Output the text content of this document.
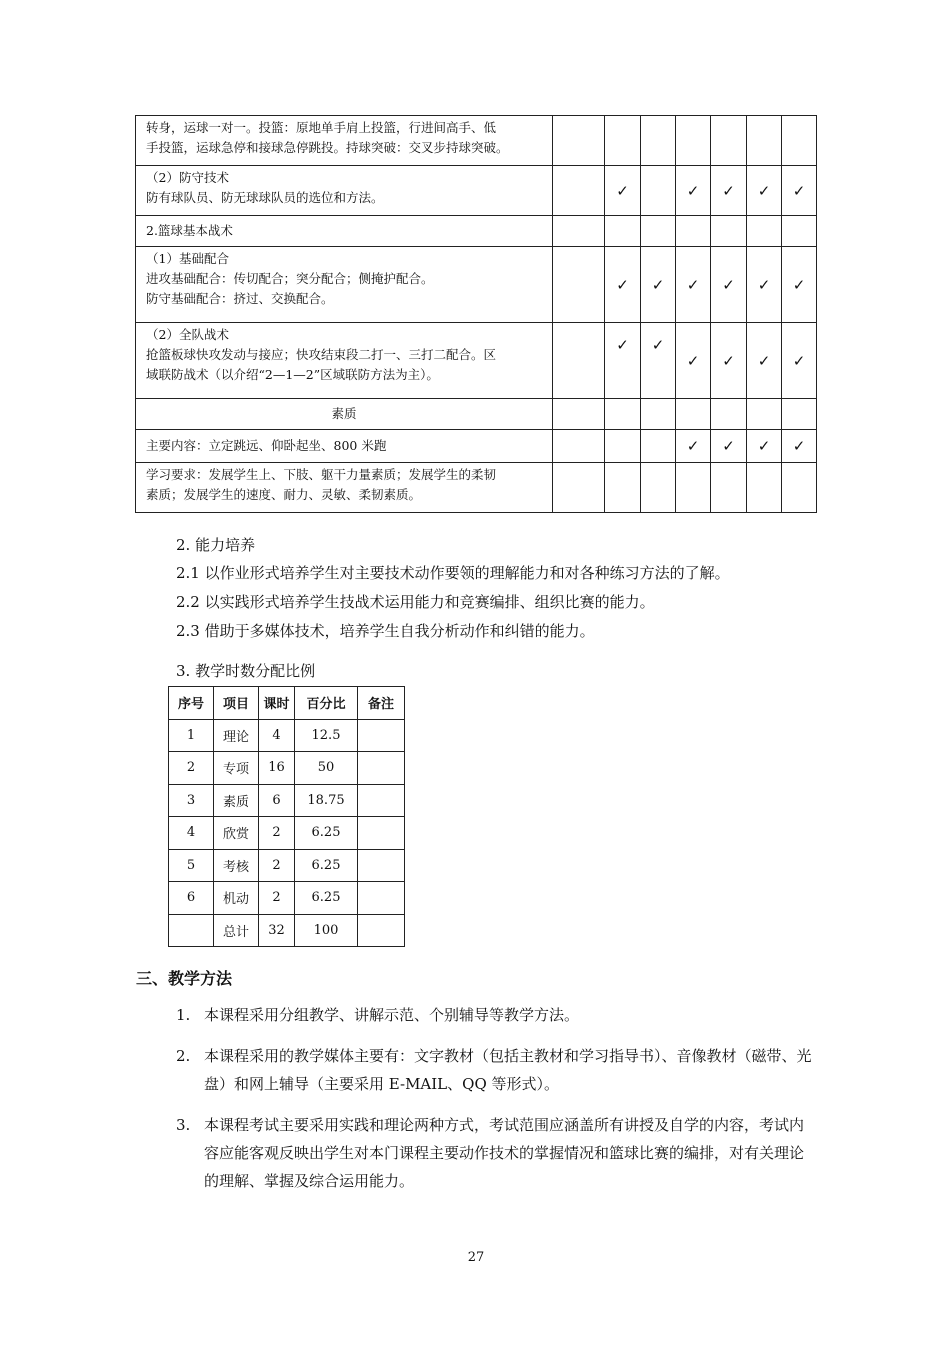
转身，运球一对一。投篮：原地单手肩上投篮，行进间高手、低
手投篮，运球急停和接球急停跳投。持球突破：交叉步持球突破。							

（2）防守技术
防有球队员、防无球球队员的选位和方法。		✓		✓	✓	✓	✓

2.篮球基本战术							

（1）基础配合
进攻基础配合：传切配合；突分配合；侧掩护配合。
防守基础配合：挤过、交换配合。		✓	✓	✓	✓	✓	✓

（2）全队战术
抢篮板球快攻发动与接应；快攻结束段二打一、三打二配合。区
域联防战术（以介绍“2—1—2”区域联防方法为主）。		✓	✓	✓	✓	✓	✓
素质							

主要内容：立定跳远、仰卧起坐、800 米跑				✓	✓	✓	✓

学习要求：发展学生上、下肢、躯干力量素质；发展学生的柔韧
素质；发展学生的速度、耐力、灵敏、柔韧素质。							

2. 能力培养
2.1 以作业形式培养学生对主要技术动作要领的理解能力和对各种练习方法的了解。
2.2 以实践形式培养学生技战术运用能力和竞赛编排、组织比赛的能力。
2.3 借助于多媒体技术，培养学生自我分析动作和纠错的能力。
3. 教学时数分配比例
序号	项目	课时	百分比	备注
1	理论	4	12.5	
2	专项	16	50	
3	素质	6	18.75	
4	欣赏	2	6.25	
5	考核	2	6.25	
6	机动	2	6.25	
	总计	32	100	
三、教学方法
1. 本课程采用分组教学、讲解示范、个别辅导等教学方法。
2. 本课程采用的教学媒体主要有：文字教材（包括主教材和学习指导书）、音像教材（磁带、光盘）和网上辅导（主要采用 E-MAIL、QQ 等形式）。
3. 本课程考试主要采用实践和理论两种方式，考试范围应涵盖所有讲授及自学的内容，考试内容应能客观反映出学生对本门课程主要动作技术的掌握情况和篮球比赛的编排，对有关理论的理解、掌握及综合运用能力。
27
